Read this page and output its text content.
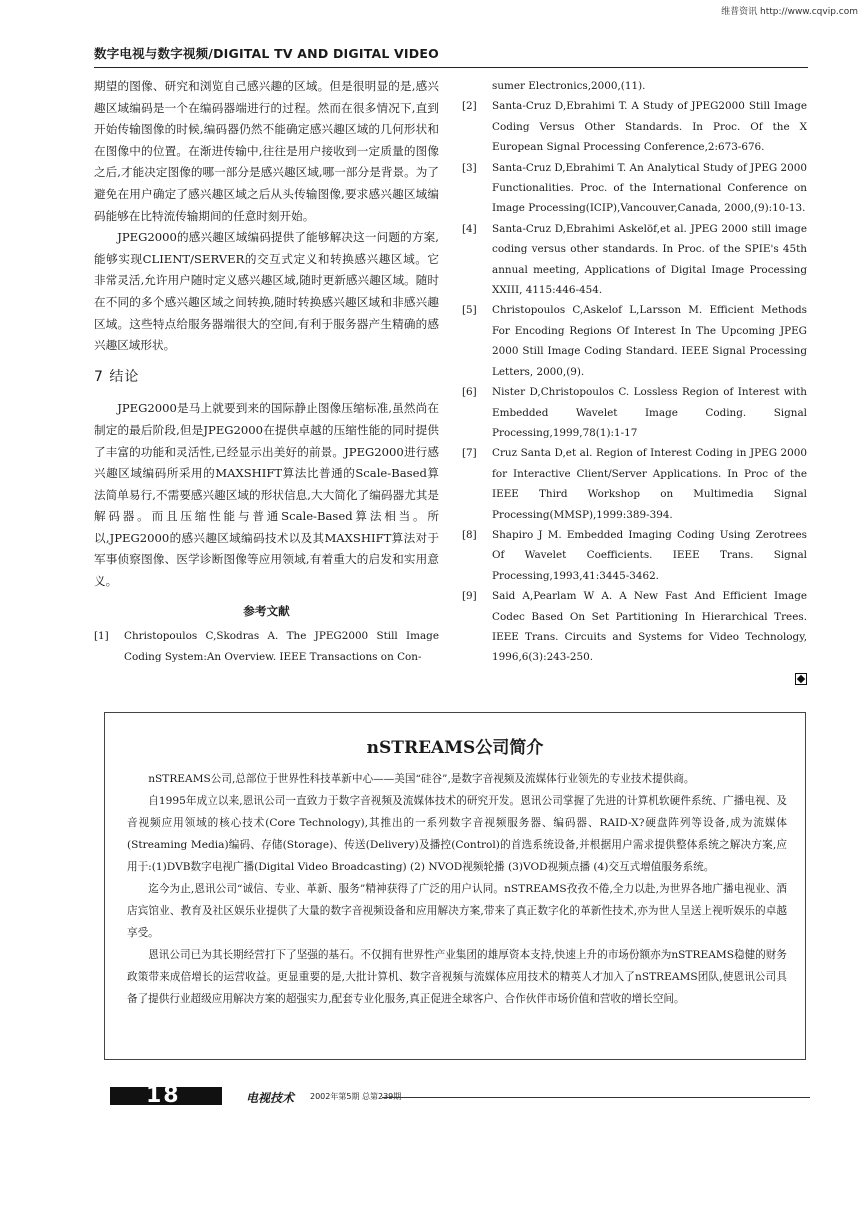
维普资讯 http://www.cqvip.com
数字电视与数字视频/DIGITAL TV AND DIGITAL VIDEO

期望的图像、研究和浏览自己感兴趣的区域。但是很明显的是,感兴趣区域编码是一个在编码器端进行的过程。然而在很多情况下,直到开始传输图像的时候,编码器仍然不能确定感兴趣区域的几何形状和在图像中的位置。在渐进传输中,往往是用户接收到一定质量的图像之后,才能决定图像的哪一部分是感兴趣区域,哪一部分是背景。为了避免在用户确定了感兴趣区域之后从头传输图像,要求感兴趣区域编码能够在比特流传输期间的任意时刻开始。

JPEG2000的感兴趣区域编码提供了能够解决这一问题的方案,能够实现CLIENT/SERVER的交互式定义和转换感兴趣区域。它非常灵活,允许用户随时定义感兴趣区域,随时更新感兴趣区域。随时在不同的多个感兴趣区域之间转换,随时转换感兴趣区域和非感兴趣区域。这些特点给服务器端很大的空间,有利于服务器产生精确的感兴趣区域形状。

7 结论

JPEG2000是马上就要到来的国际静止图像压缩标准,虽然尚在制定的最后阶段,但是JPEG2000在提供卓越的压缩性能的同时提供了丰富的功能和灵活性,已经显示出美好的前景。JPEG2000进行感兴趣区域编码所采用的MAXSHIFT算法比普通的Scale-Based算法简单易行,不需要感兴趣区域的形状信息,大大简化了编码器尤其是解码器。而且压缩性能与普通Scale-Based算法相当。所以,JPEG2000的感兴趣区域编码技术以及其MAXSHIFT算法对于军事侦察图像、医学诊断图像等应用领域,有着重大的启发和实用意义。

参考文献
[1]	Christopoulos C,Skodras A. The JPEG2000 Still Image Coding System:An Overview. IEEE Transactions on Con-
sumer Electronics,2000,(11).
[2]	Santa-Cruz D,Ebrahimi T. A Study of JPEG2000 Still Image Coding Versus Other Standards. In Proc. Of the X European Signal Processing Conference,2:673-676.
[3]	Santa-Cruz D,Ebrahimi T. An Analytical Study of JPEG 2000 Functionalities. Proc. of the International Conference on Image Processing(ICIP),Vancouver,Canada, 2000,(9):10-13.
[4]	Santa-Cruz D,Ebrahimi Askelöf,et al. JPEG 2000 still image coding versus other standards. In Proc. of the SPIE's 45th annual meeting, Applications of Digital Image Processing XXIII, 4115:446-454.
[5]	Christopoulos C,Askelof L,Larsson M. Efficient Methods For Encoding Regions Of Interest In The Upcoming JPEG 2000 Still Image Coding Standard. IEEE Signal Processing Letters, 2000,(9).
[6]	Nister D,Christopoulos C. Lossless Region of Interest with Embedded Wavelet Image Coding. Signal Processing,1999,78(1):1-17
[7]	Cruz Santa D,et al. Region of Interest Coding in JPEG 2000 for Interactive Client/Server Applications. In Proc of the IEEE Third Workshop on Multimedia Signal Processing(MMSP),1999:389-394.
[8]	Shapiro J M. Embedded Imaging Coding Using Zerotrees Of Wavelet Coefficients. IEEE Trans. Signal Processing,1993,41:3445-3462.
[9]	Said A,Pearlam W A. A New Fast And Efficient Image Codec Based On Set Partitioning In Hierarchical Trees. IEEE Trans. Circuits and Systems for Video Technology, 1996,6(3):243-250.
nSTREAMS公司简介

nSTREAMS公司,总部位于世界性科技革新中心——美国“硅谷”,是数字音视频及流媒体行业领先的专业技术提供商。

自1995年成立以来,恩讯公司一直致力于数字音视频及流媒体技术的研究开发。恩讯公司掌握了先进的计算机软硬件系统、广播电视、及音视频应用领域的核心技术(Core Technology),其推出的一系列数字音视频服务器、编码器、RAID-X?硬盘阵列等设备,成为流媒体(Streaming Media)编码、存储(Storage)、传送(Delivery)及播控(Control)的首选系统设备,并根据用户需求提供整体系统之解决方案,应用于:(1)DVB数字电视广播(Digital Video Broadcasting) (2) NVOD视频轮播 (3)VOD视频点播 (4)交互式增值服务系统。

迄今为止,恩讯公司“诚信、专业、革新、服务”精神获得了广泛的用户认同。nSTREAMS孜孜不倦,全力以赴,为世界各地广播电视业、酒店宾馆业、教育及社区娱乐业提供了大量的数字音视频设备和应用解决方案,带来了真正数字化的革新性技术,亦为世人呈送上视听娱乐的卓越享受。

恩讯公司已为其长期经营打下了坚强的基石。不仅拥有世界性产业集团的雄厚资本支持,快速上升的市场份额亦为nSTREAMS稳健的财务政策带来成倍增长的运营收益。更显重要的是,大批计算机、数字音视频与流媒体应用技术的精英人才加入了nSTREAMS团队,使恩讯公司具备了提供行业超级应用解决方案的超强实力,配套专业化服务,真正促进全球客户、合作伙伴市场价值和营收的增长空间。

18	电视技术 2002年第5期 总第239期
